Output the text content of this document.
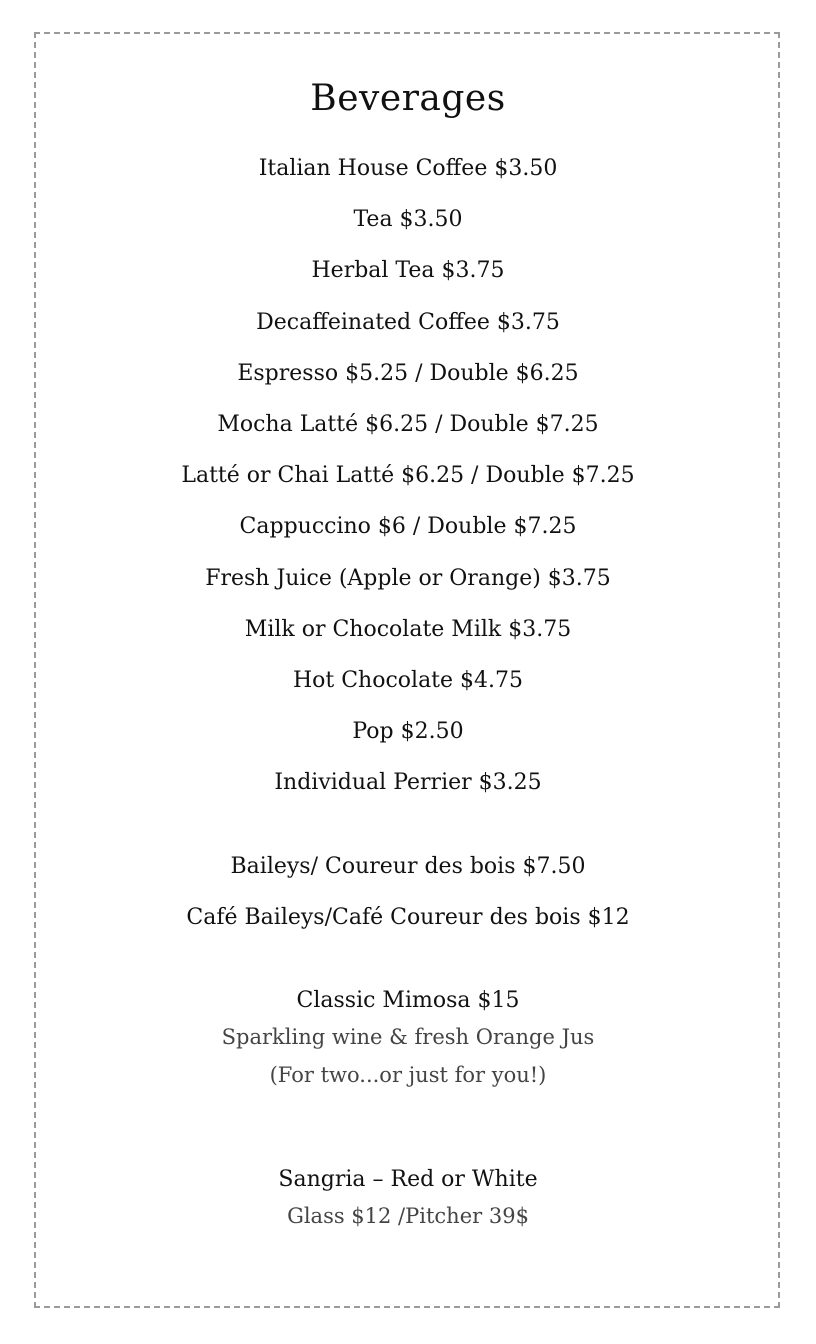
Beverages
Italian House Coffee $3.50
Tea $3.50
Herbal Tea $3.75
Decaffeinated Coffee $3.75
Espresso $5.25 / Double $6.25
Mocha Latté $6.25 / Double $7.25
Latté or Chai Latté $6.25 / Double $7.25
Cappuccino $6 / Double $7.25
Fresh Juice (Apple or Orange) $3.75
Milk or Chocolate Milk $3.75
Hot Chocolate $4.75
Pop $2.50
Individual Perrier $3.25
Baileys/ Coureur des bois $7.50
Café Baileys/Café Coureur des bois $12
Classic Mimosa $15
Sparkling wine & fresh Orange Jus
(For two...or just for you!)
Sangria – Red or White
Glass $12 /Pitcher 39$
